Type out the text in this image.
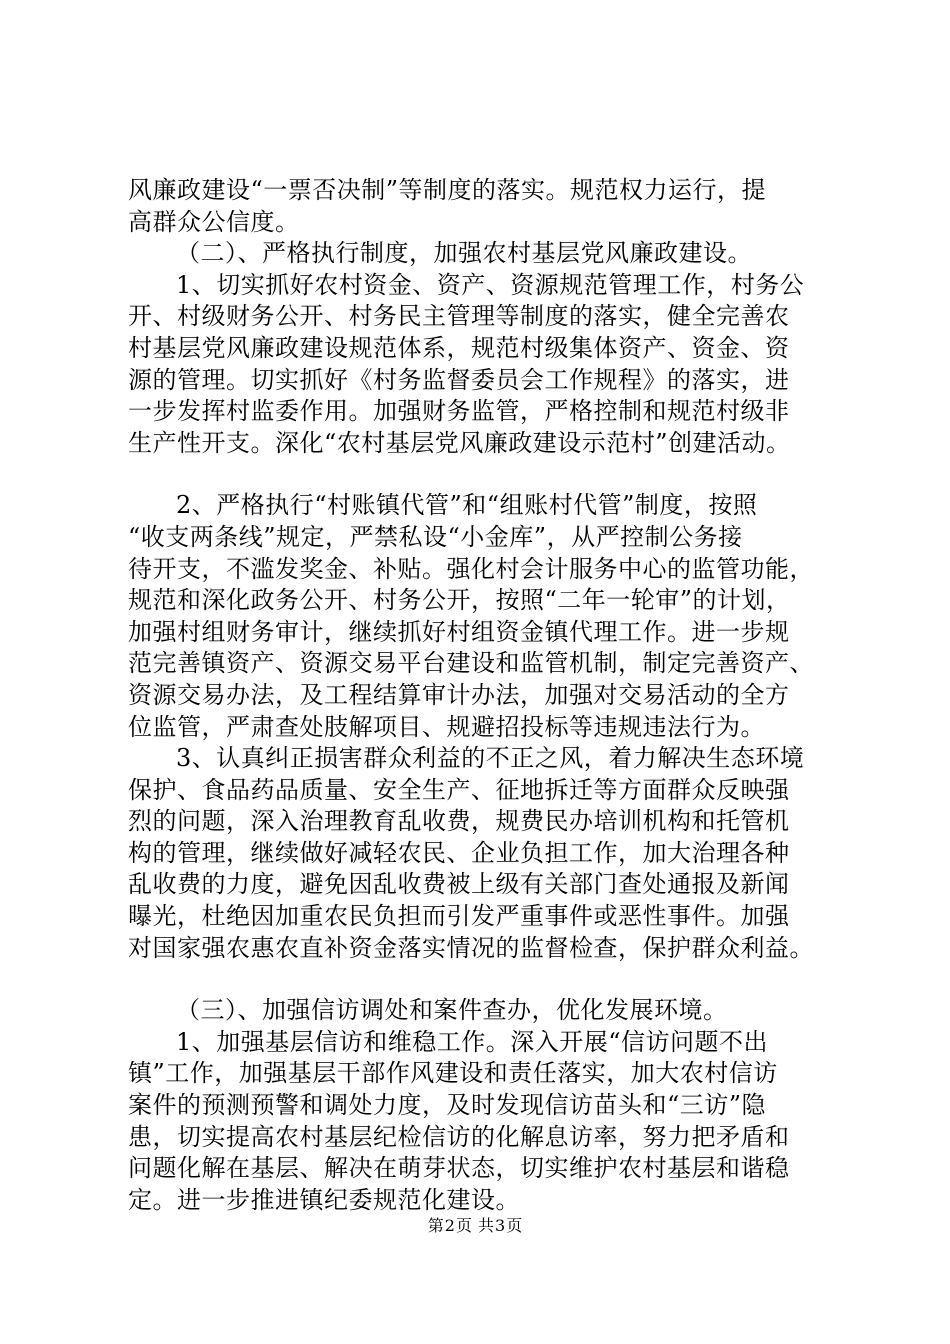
风廉政建设“一票否决制”等制度的落实。规范权力运行，提
高群众公信度。
（二）、严格执行制度，加强农村基层党风廉政建设。
1、切实抓好农村资金、资产、资源规范管理工作，村务公
开、村级财务公开、村务民主管理等制度的落实，健全完善农
村基层党风廉政建设规范体系，规范村级集体资产、资金、资
源的管理。切实抓好《村务监督委员会工作规程》的落实，进
一步发挥村监委作用。加强财务监管，严格控制和规范村级非
生产性开支。深化“农村基层党风廉政建设示范村”创建活动。
2、严格执行“村账镇代管”和“组账村代管”制度，按照
“收支两条线”规定，严禁私设“小金库”，从严控制公务接
待开支，不滥发奖金、补贴。强化村会计服务中心的监管功能，
规范和深化政务公开、村务公开，按照“二年一轮审”的计划，
加强村组财务审计，继续抓好村组资金镇代理工作。进一步规
范完善镇资产、资源交易平台建设和监管机制，制定完善资产、
资源交易办法，及工程结算审计办法，加强对交易活动的全方
位监管，严肃查处肢解项目、规避招投标等违规违法行为。
3、认真纠正损害群众利益的不正之风，着力解决生态环境
保护、食品药品质量、安全生产、征地拆迁等方面群众反映强
烈的问题，深入治理教育乱收费，规费民办培训机构和托管机
构的管理，继续做好减轻农民、企业负担工作，加大治理各种
乱收费的力度，避免因乱收费被上级有关部门查处通报及新闻
曝光，杜绝因加重农民负担而引发严重事件或恶性事件。加强
对国家强农惠农直补资金落实情况的监督检查，保护群众利益。
（三）、加强信访调处和案件查办，优化发展环境。
1、加强基层信访和维稳工作。深入开展“信访问题不出
镇”工作，加强基层干部作风建设和责任落实，加大农村信访
案件的预测预警和调处力度，及时发现信访苗头和“三访”隐
患，切实提高农村基层纪检信访的化解息访率，努力把矛盾和
问题化解在基层、解决在萌芽状态，切实维护农村基层和谐稳
定。进一步推进镇纪委规范化建设。
第2页 共3页
